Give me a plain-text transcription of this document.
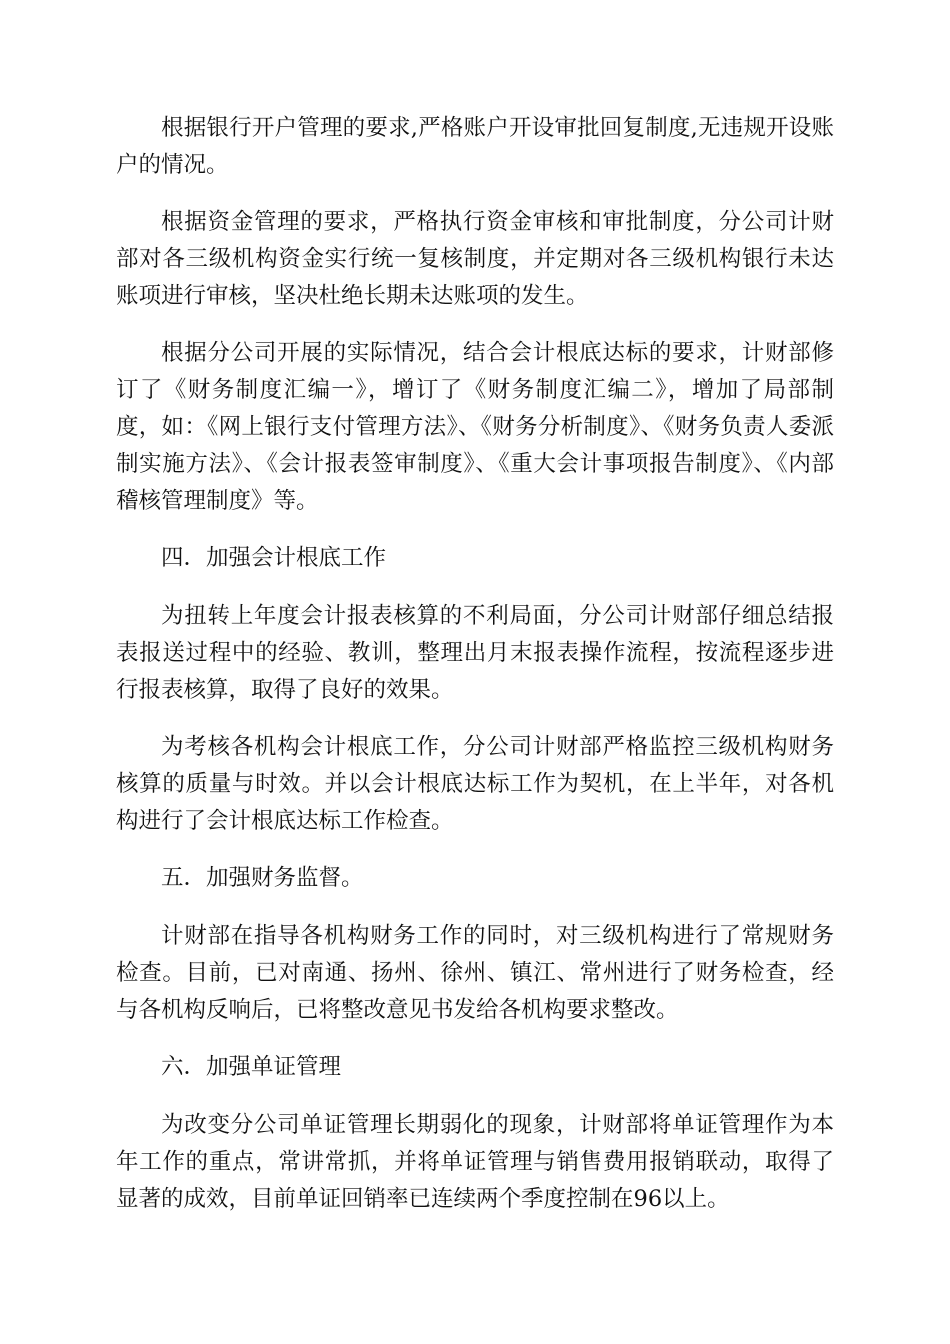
根据银行开户管理的要求,严格账户开设审批回复制度,无违规开设账户的情况。

根据资金管理的要求，严格执行资金审核和审批制度，分公司计财部对各三级机构资金实行统一复核制度，并定期对各三级机构银行未达账项进行审核，坚决杜绝长期未达账项的发生。

根据分公司开展的实际情况，结合会计根底达标的要求，计财部修订了《财务制度汇编一》，增订了《财务制度汇编二》，增加了局部制度，如：《网上银行支付管理方法》、《财务分析制度》、《财务负责人委派制实施方法》、《会计报表签审制度》、《重大会计事项报告制度》、《内部稽核管理制度》等。

四．加强会计根底工作

为扭转上年度会计报表核算的不利局面，分公司计财部仔细总结报表报送过程中的经验、教训，整理出月末报表操作流程，按流程逐步进行报表核算，取得了良好的效果。

为考核各机构会计根底工作，分公司计财部严格监控三级机构财务核算的质量与时效。并以会计根底达标工作为契机，在上半年，对各机构进行了会计根底达标工作检查。

五．加强财务监督。

计财部在指导各机构财务工作的同时，对三级机构进行了常规财务检查。目前，已对南通、扬州、徐州、镇江、常州进行了财务检查，经与各机构反响后，已将整改意见书发给各机构要求整改。

六．加强单证管理

为改变分公司单证管理长期弱化的现象，计财部将单证管理作为本年工作的重点，常讲常抓，并将单证管理与销售费用报销联动，取得了显著的成效，目前单证回销率已连续两个季度控制在96以上。
